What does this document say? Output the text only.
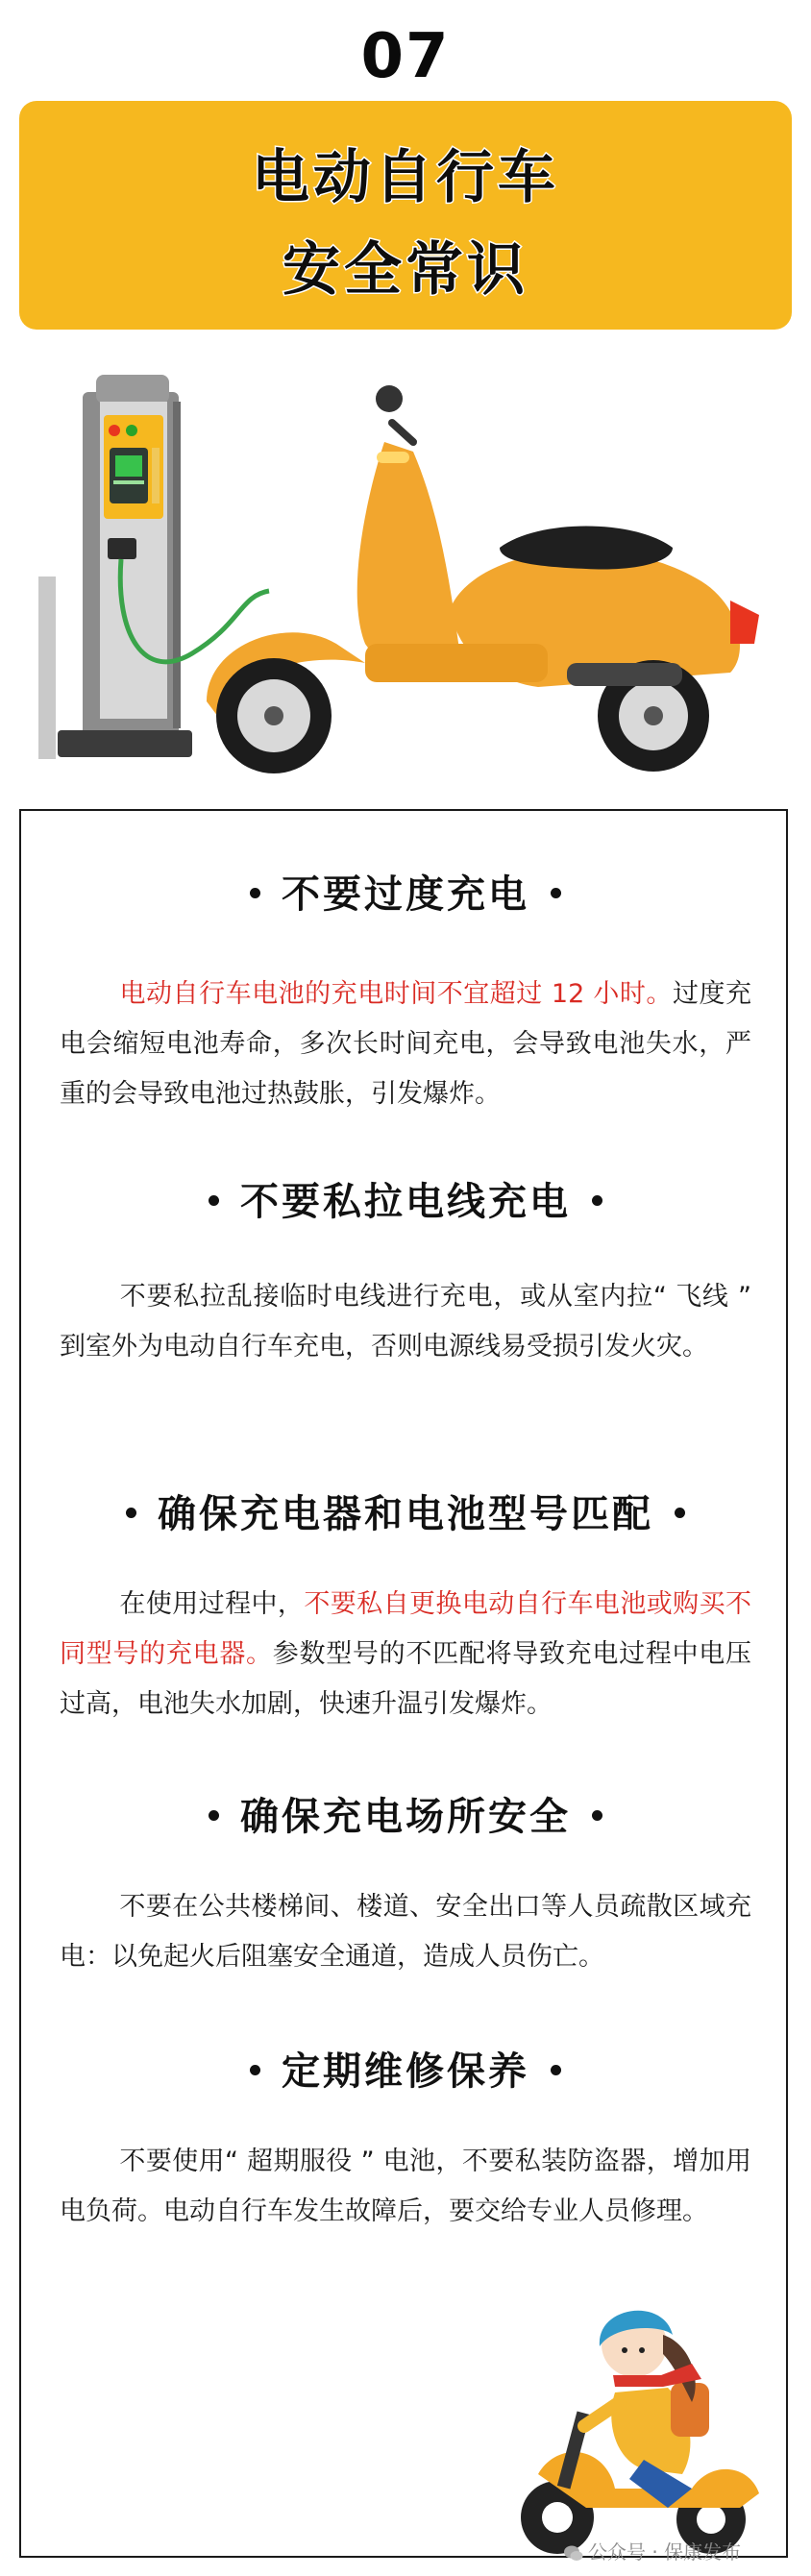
07
电动自行车
安全常识
不要过度充电
电动自行车电池的充电时间不宜超过 12 小时。过度充电会缩短电池寿命，多次长时间充电，会导致电池失水，严重的会导致电池过热鼓胀，引发爆炸。
不要私拉电线充电
不要私拉乱接临时电线进行充电，或从室内拉“ 飞线 ” 到室外为电动自行车充电，否则电源线易受损引发火灾。
确保充电器和电池型号匹配
在使用过程中，不要私自更换电动自行车电池或购买不同型号的充电器。参数型号的不匹配将导致充电过程中电压过高，电池失水加剧，快速升温引发爆炸。
确保充电场所安全
不要在公共楼梯间、楼道、安全出口等人员疏散区域充电：以免起火后阻塞安全通道，造成人员伤亡。
定期维修保养
不要使用“ 超期服役 ” 电池，不要私装防盗器，增加用电负荷。电动自行车发生故障后，要交给专业人员修理。
公众号 · 保康发布
